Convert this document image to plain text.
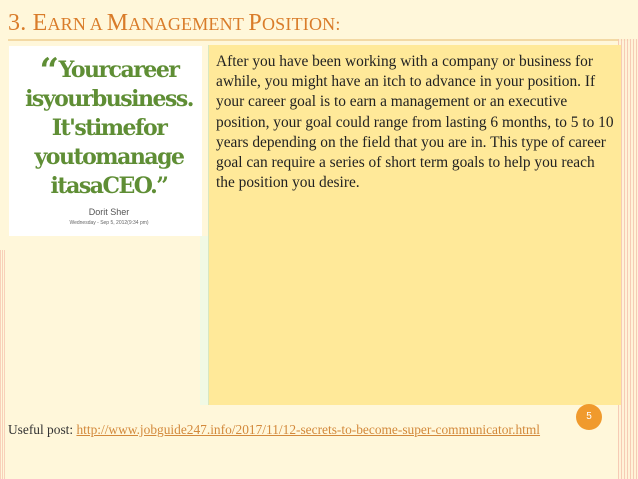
3. EARN A MANAGEMENT POSITION:
“Yourcareer
isyourbusiness.
It'stimefor
youtomanage
itasaCEO.”
Dorit Sher
Wednesday - Sep 5, 2012(9:34 pm)
After you have been working with a company or business for awhile, you might have an itch to advance in your position. If your career goal is to earn a management or an executive position, your goal could range from lasting 6 months, to 5 to 10 years depending on the field that you are in. This type of career goal can require a series of short term goals to help you reach the position you desire.
5
Useful post: http://www.jobguide247.info/2017/11/12-secrets-to-become-super-communicator.html
